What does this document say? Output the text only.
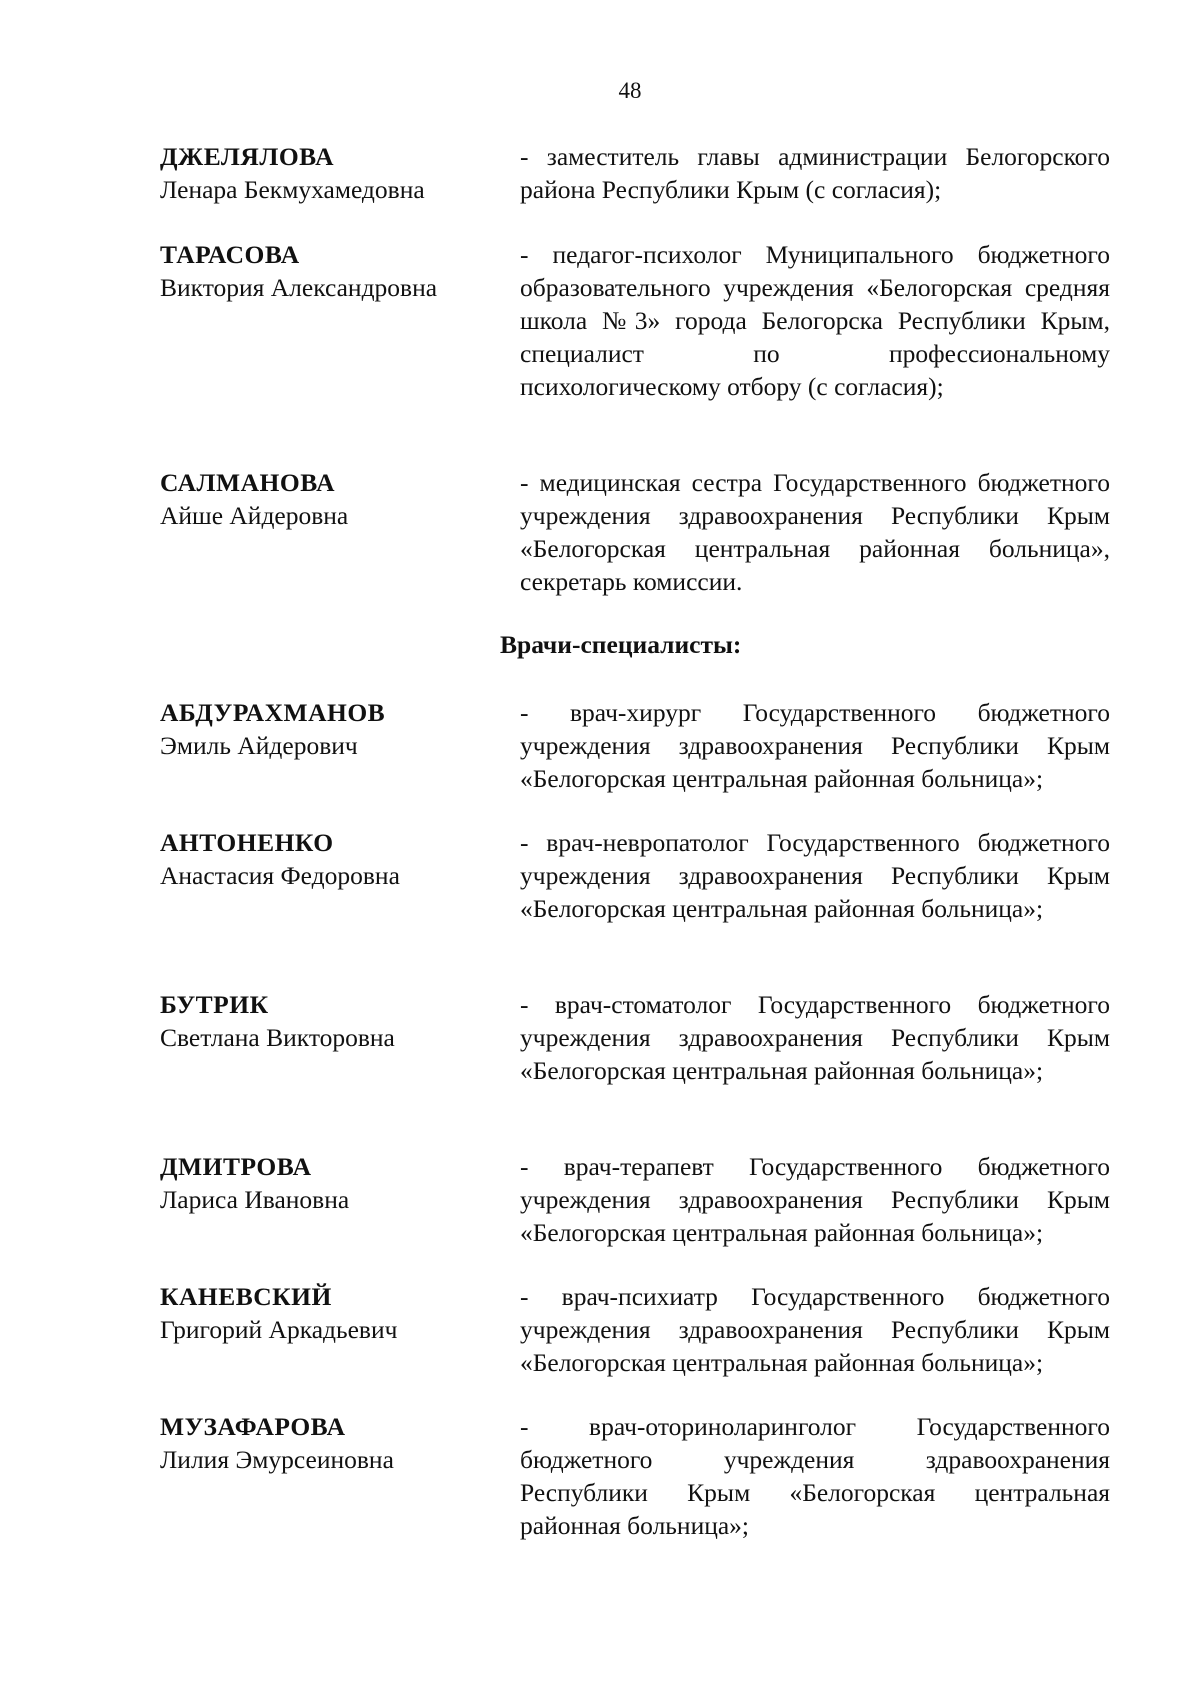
48
ДЖЕЛЯЛОВА
Ленара Бекмухамедовна
- заместитель главы администрации Белогорского района Республики Крым (с согласия);
ТАРАСОВА
Виктория Александровна
- педагог-психолог Муниципального бюджетного образовательного учреждения «Белогорская средняя школа №3» города Белогорска Республики Крым, специалист по профессиональному психологическому отбору (с согласия);
САЛМАНОВА
Айше Айдеровна
- медицинская сестра Государственного бюджетного учреждения здравоохранения Республики Крым «Белогорская центральная районная больница», секретарь комиссии.
Врачи-специалисты:
АБДУРАХМАНОВ
Эмиль Айдерович
- врач-хирург Государственного бюджетного учреждения здравоохранения Республики Крым «Белогорская центральная районная больница»;
АНТОНЕНКО
Анастасия Федоровна
- врач-невропатолог Государственного бюджетного учреждения здравоохранения Республики Крым «Белогорская центральная районная больница»;
БУТРИК
Светлана Викторовна
- врач-стоматолог Государственного бюджетного учреждения здравоохранения Республики Крым «Белогорская центральная районная больница»;
ДМИТРОВА
Лариса Ивановна
- врач-терапевт Государственного бюджетного учреждения здравоохранения Республики Крым «Белогорская центральная районная больница»;
КАНЕВСКИЙ
Григорий Аркадьевич
- врач-психиатр Государственного бюджетного учреждения здравоохранения Республики Крым «Белогорская центральная районная больница»;
МУЗАФАРОВА
Лилия Эмурсеиновна
- врач-оториноларинголог Государственного бюджетного учреждения здравоохранения Республики Крым «Белогорская центральная районная больница»;
